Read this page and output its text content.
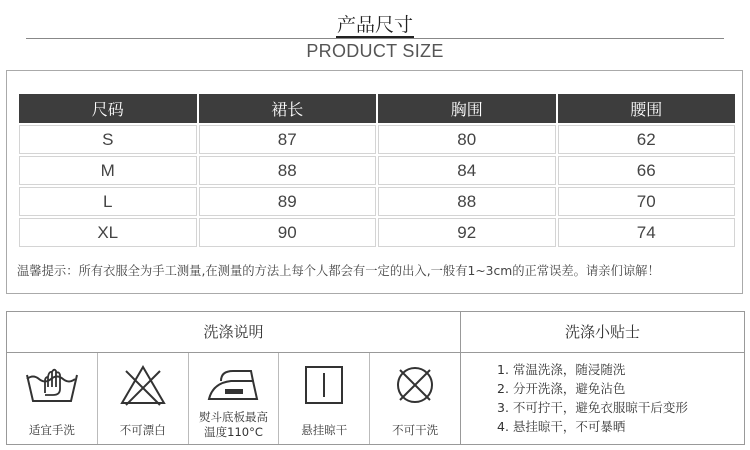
产品尺寸
PRODUCT SIZE
尺码	裙长	胸围	腰围
S	87	80	62
M	88	84	66
L	89	88	70
XL	90	92	74
温馨提示：所有衣服全为手工测量,在测量的方法上每个人都会有一定的出入,一般有1~3cm的正常误差。请亲们谅解！
洗涤说明	洗涤小贴士
适宜手洗	不可漂白
熨斗底板最高
温度110°C	悬挂晾干	不可干洗
1. 常温洗涤，随浸随洗
2. 分开洗涤，避免沾色
3. 不可拧干，避免衣服晾干后变形
4. 悬挂晾干，不可暴晒
